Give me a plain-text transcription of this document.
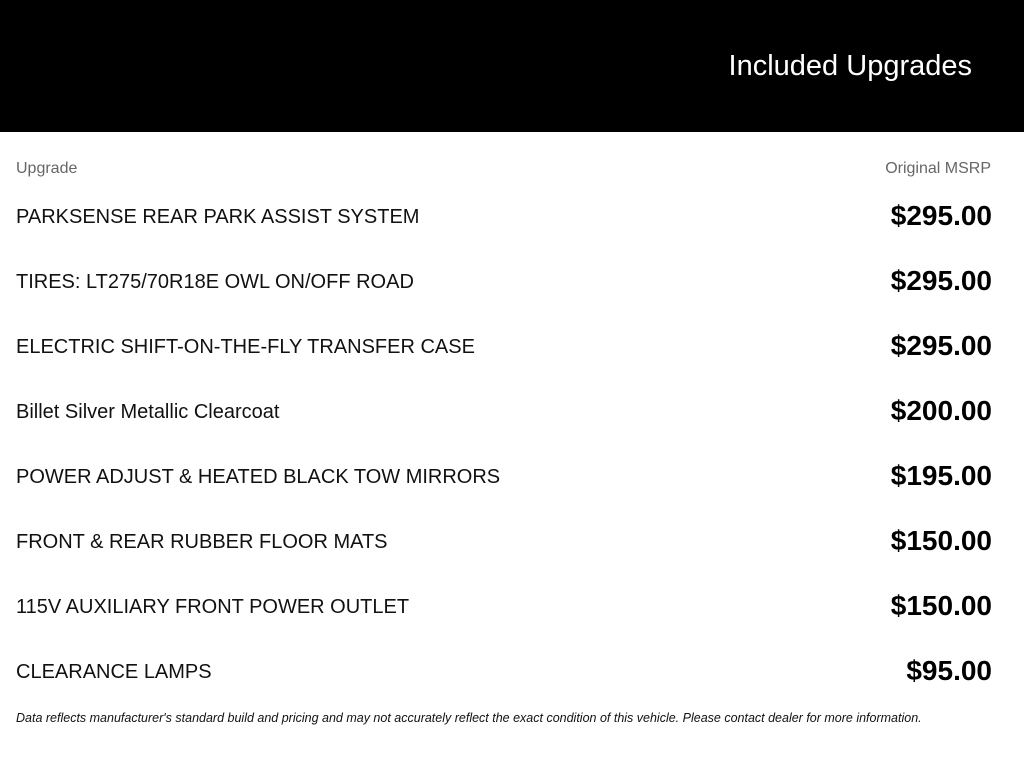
Included Upgrades
Upgrade	Original MSRP
PARKSENSE REAR PARK ASSIST SYSTEM	$295.00
TIRES: LT275/70R18E OWL ON/OFF ROAD	$295.00
ELECTRIC SHIFT-ON-THE-FLY TRANSFER CASE	$295.00
Billet Silver Metallic Clearcoat	$200.00
POWER ADJUST & HEATED BLACK TOW MIRRORS	$195.00
FRONT & REAR RUBBER FLOOR MATS	$150.00
115V AUXILIARY FRONT POWER OUTLET	$150.00
CLEARANCE LAMPS	$95.00
Data reflects manufacturer's standard build and pricing and may not accurately reflect the exact condition of this vehicle. Please contact dealer for more information.
